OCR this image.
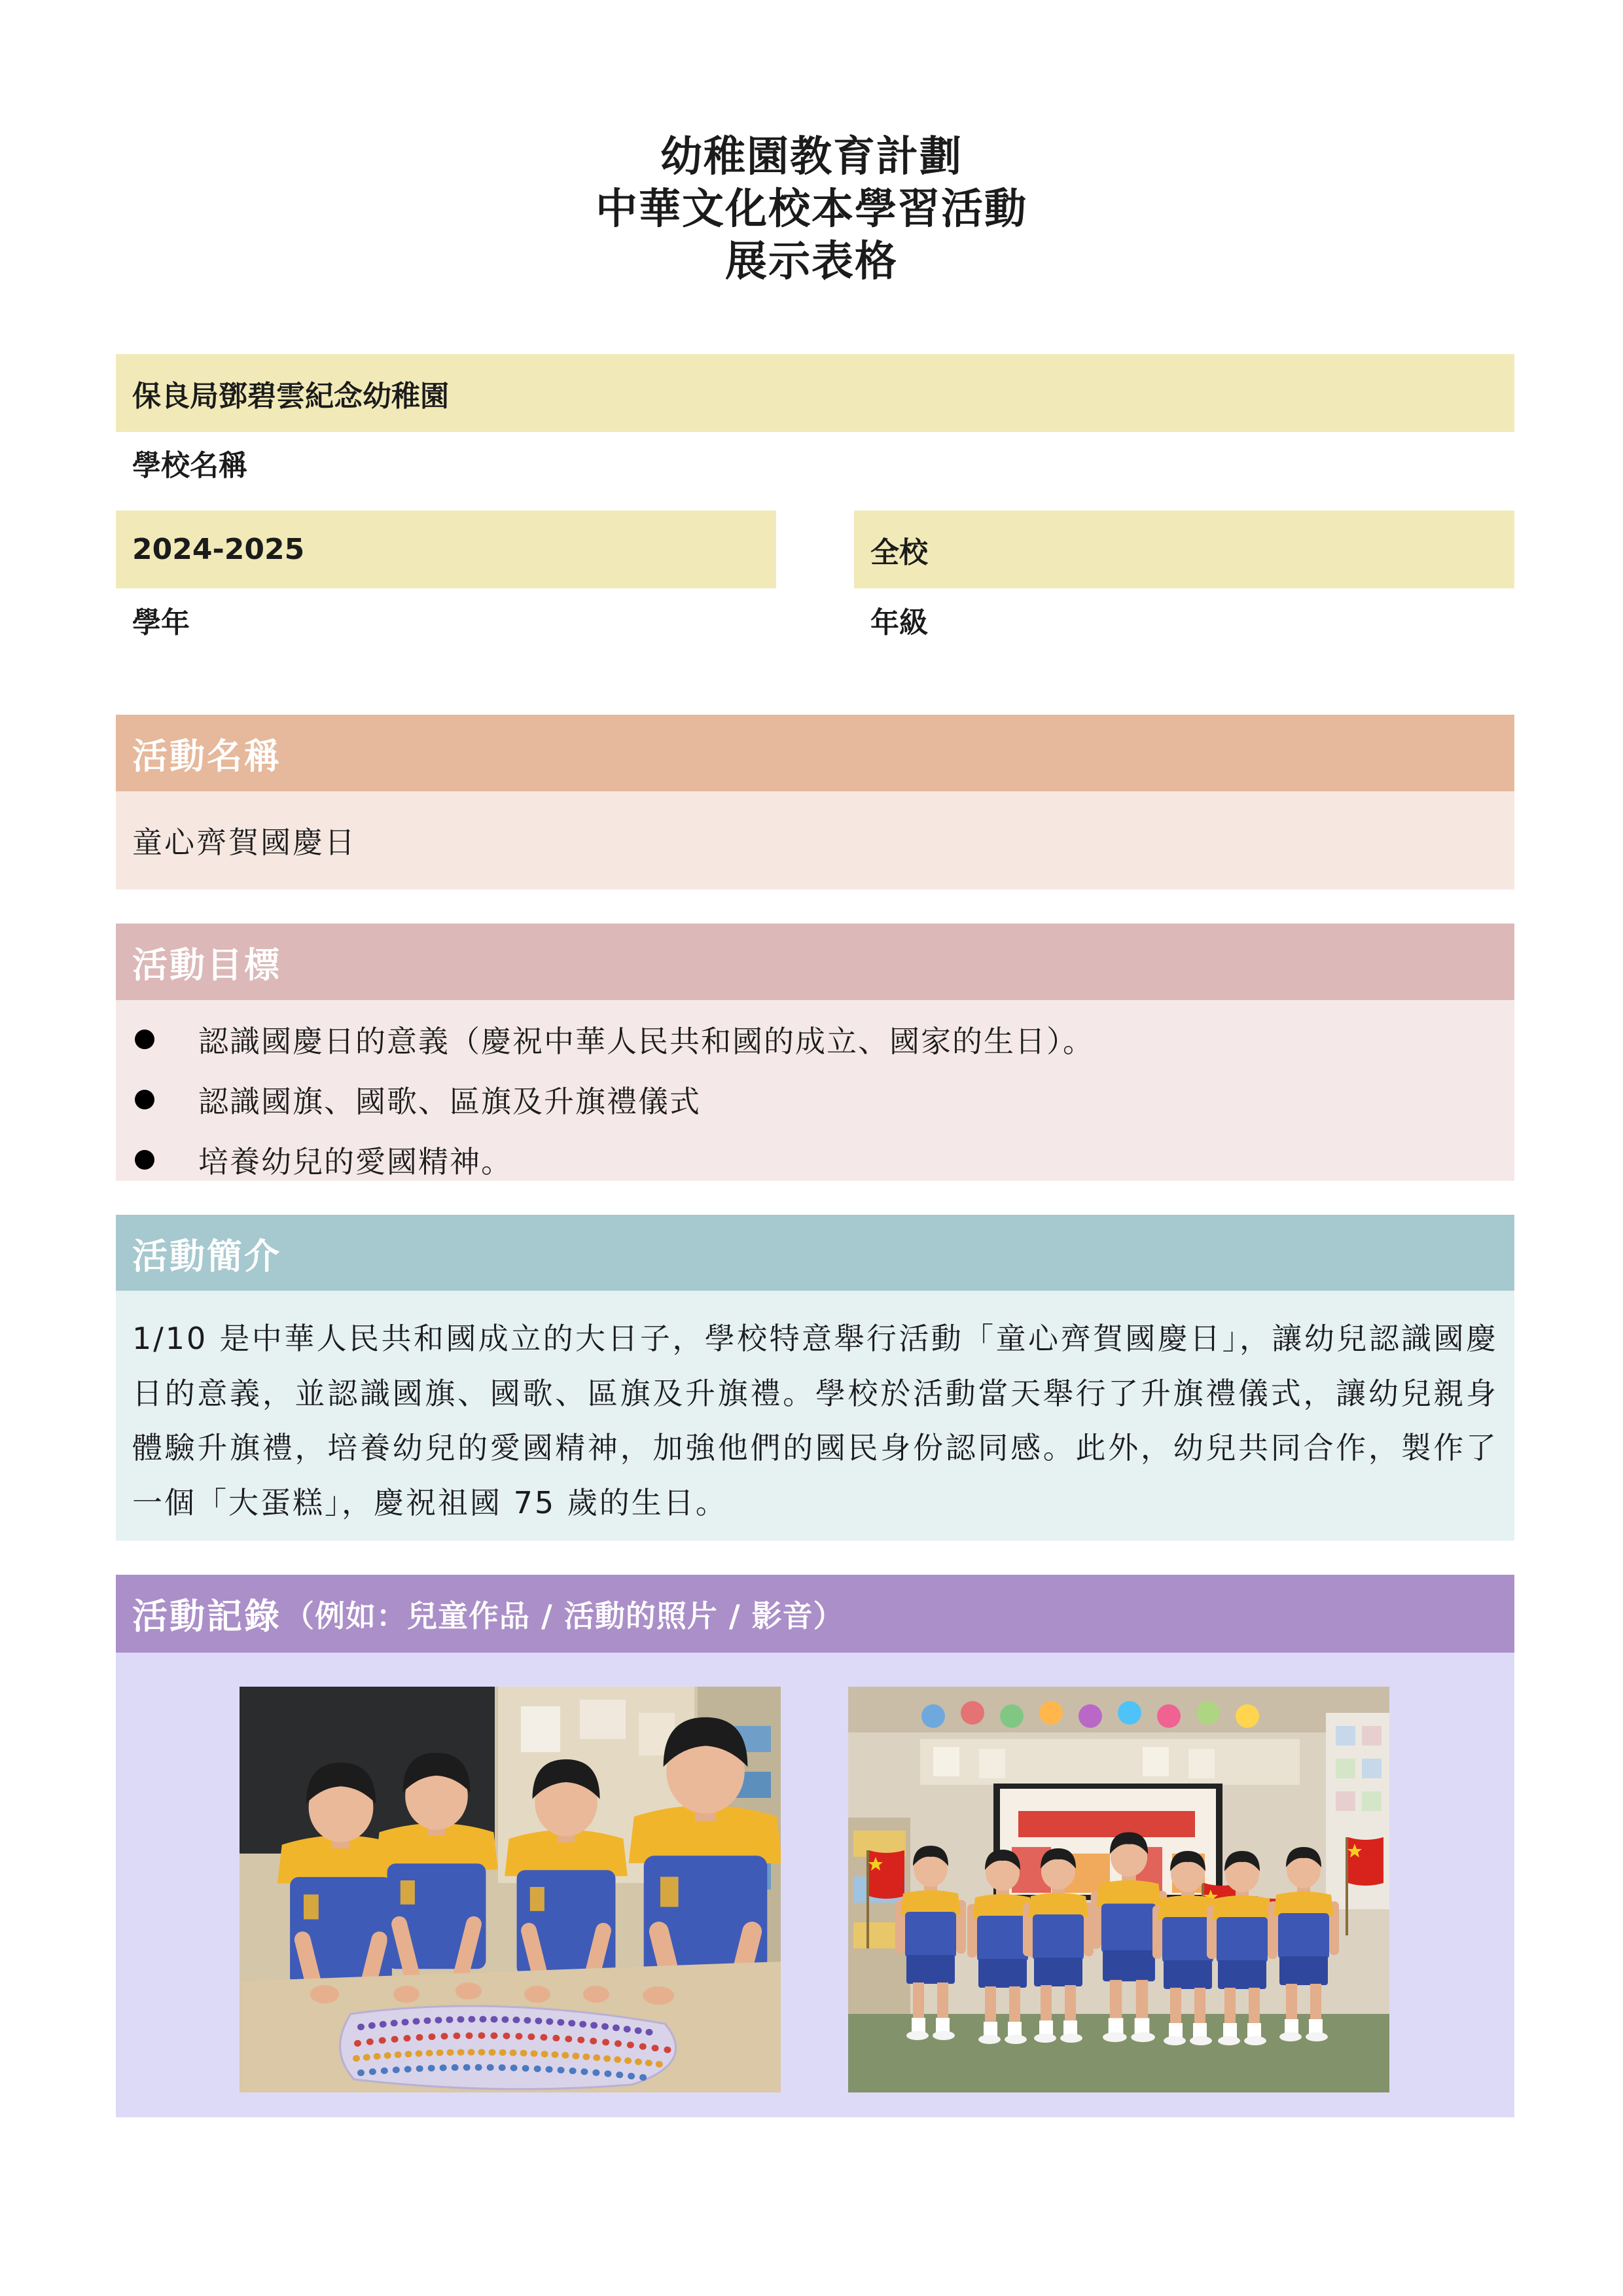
幼稚園教育計劃
中華文化校本學習活動
展示表格
保良局鄧碧雲紀念幼稚園
學校名稱
2024-2025
學年
全校
年級
活動名稱
童心齊賀國慶日
活動目標
認識國慶日的意義（慶祝中華人民共和國的成立、國家的生日）。
認識國旗、國歌、區旗及升旗禮儀式
培養幼兒的愛國精神。
活動簡介
1/10 是中華人民共和國成立的大日子，學校特意舉行活動「童心齊賀國慶日」，讓幼兒認識國慶日的意義，並認識國旗、國歌、區旗及升旗禮。學校於活動當天舉行了升旗禮儀式，讓幼兒親身體驗升旗禮，培養幼兒的愛國精神，加強他們的國民身份認同感。此外，幼兒共同合作，製作了一個「大蛋糕」，慶祝祖國 75 歲的生日。
活動記錄 （例如：兒童作品 / 活動的照片 / 影音）
